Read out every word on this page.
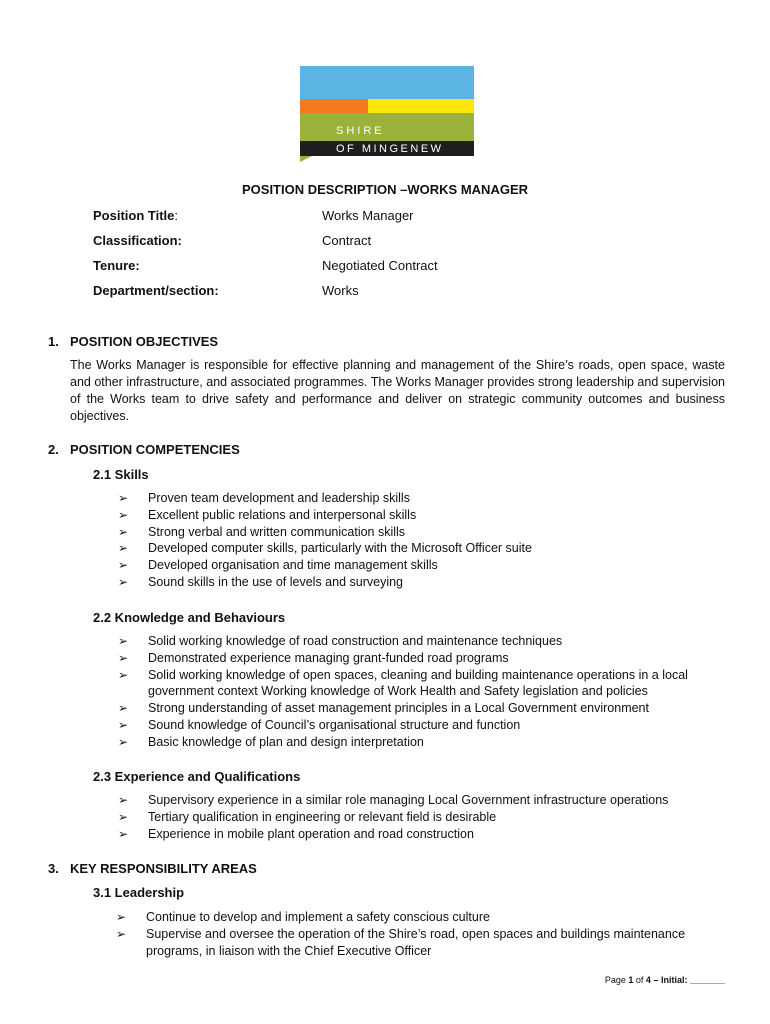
SHIRE
OF MINGENEW
POSITION DESCRIPTION –WORKS MANAGER
Position Title:	Works Manager
Classification:	Contract
Tenure:	Negotiated Contract
Department/section:	Works
1. POSITION OBJECTIVES
The Works Manager is responsible for effective planning and management of the Shire’s roads, open space, waste and other infrastructure, and associated programmes. The Works Manager provides strong leadership and supervision of the Works team to drive safety and performance and deliver on strategic community outcomes and business objectives.
2. POSITION COMPETENCIES
2.1 Skills
➢ Proven team development and leadership skills
➢ Excellent public relations and interpersonal skills
➢ Strong verbal and written communication skills
➢ Developed computer skills, particularly with the Microsoft Officer suite
➢ Developed organisation and time management skills
➢ Sound skills in the use of levels and surveying
2.2 Knowledge and Behaviours
➢ Solid working knowledge of road construction and maintenance techniques
➢ Demonstrated experience managing grant-funded road programs
➢ Solid working knowledge of open spaces, cleaning and building maintenance operations in a local government context Working knowledge of Work Health and Safety legislation and policies
➢ Strong understanding of asset management principles in a Local Government environment
➢ Sound knowledge of Council’s organisational structure and function
➢ Basic knowledge of plan and design interpretation
2.3 Experience and Qualifications
➢ Supervisory experience in a similar role managing Local Government infrastructure operations
➢ Tertiary qualification in engineering or relevant field is desirable
➢ Experience in mobile plant operation and road construction
3. KEY RESPONSIBILITY AREAS
3.1 Leadership
➢ Continue to develop and implement a safety conscious culture
➢ Supervise and oversee the operation of the Shire’s road, open spaces and buildings maintenance programs, in liaison with the Chief Executive Officer
Page 1 of 4 – Initial: _______
